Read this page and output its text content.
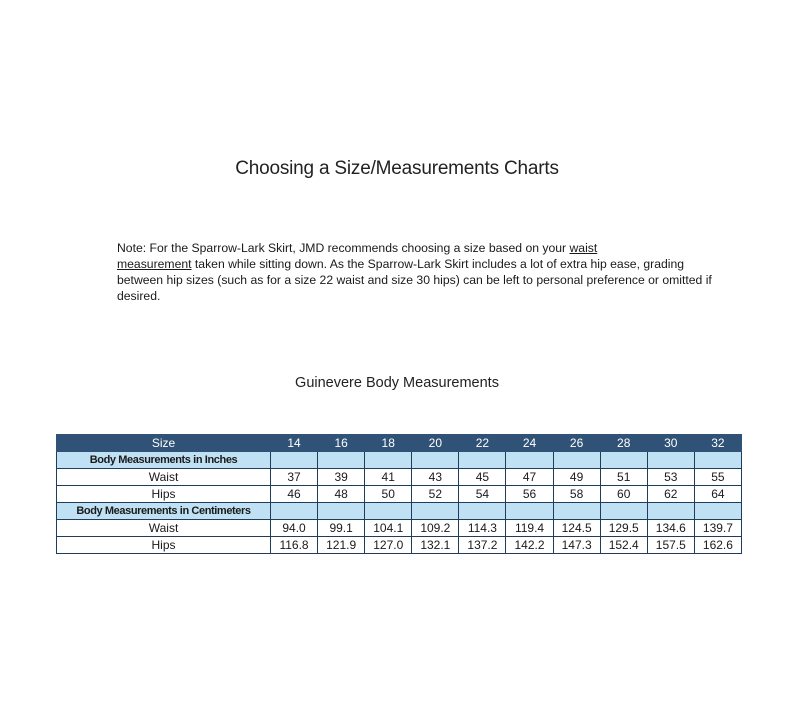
Choosing a Size/Measurements Charts
Note: For the Sparrow-Lark Skirt, JMD recommends choosing a size based on your waist
measurement taken while sitting down. As the Sparrow-Lark Skirt includes a lot of extra hip ease, grading between hip sizes (such as for a size 22 waist and size 30 hips) can be left to personal preference or omitted if desired.
Guinevere Body Measurements
Size	14	16	18	20	22	24	26	28	30	32
Body Measurements in Inches										
Waist	37	39	41	43	45	47	49	51	53	55
Hips	46	48	50	52	54	56	58	60	62	64
Body Measurements in Centimeters										
Waist	94.0	99.1	104.1	109.2	114.3	119.4	124.5	129.5	134.6	139.7
Hips	116.8	121.9	127.0	132.1	137.2	142.2	147.3	152.4	157.5	162.6
